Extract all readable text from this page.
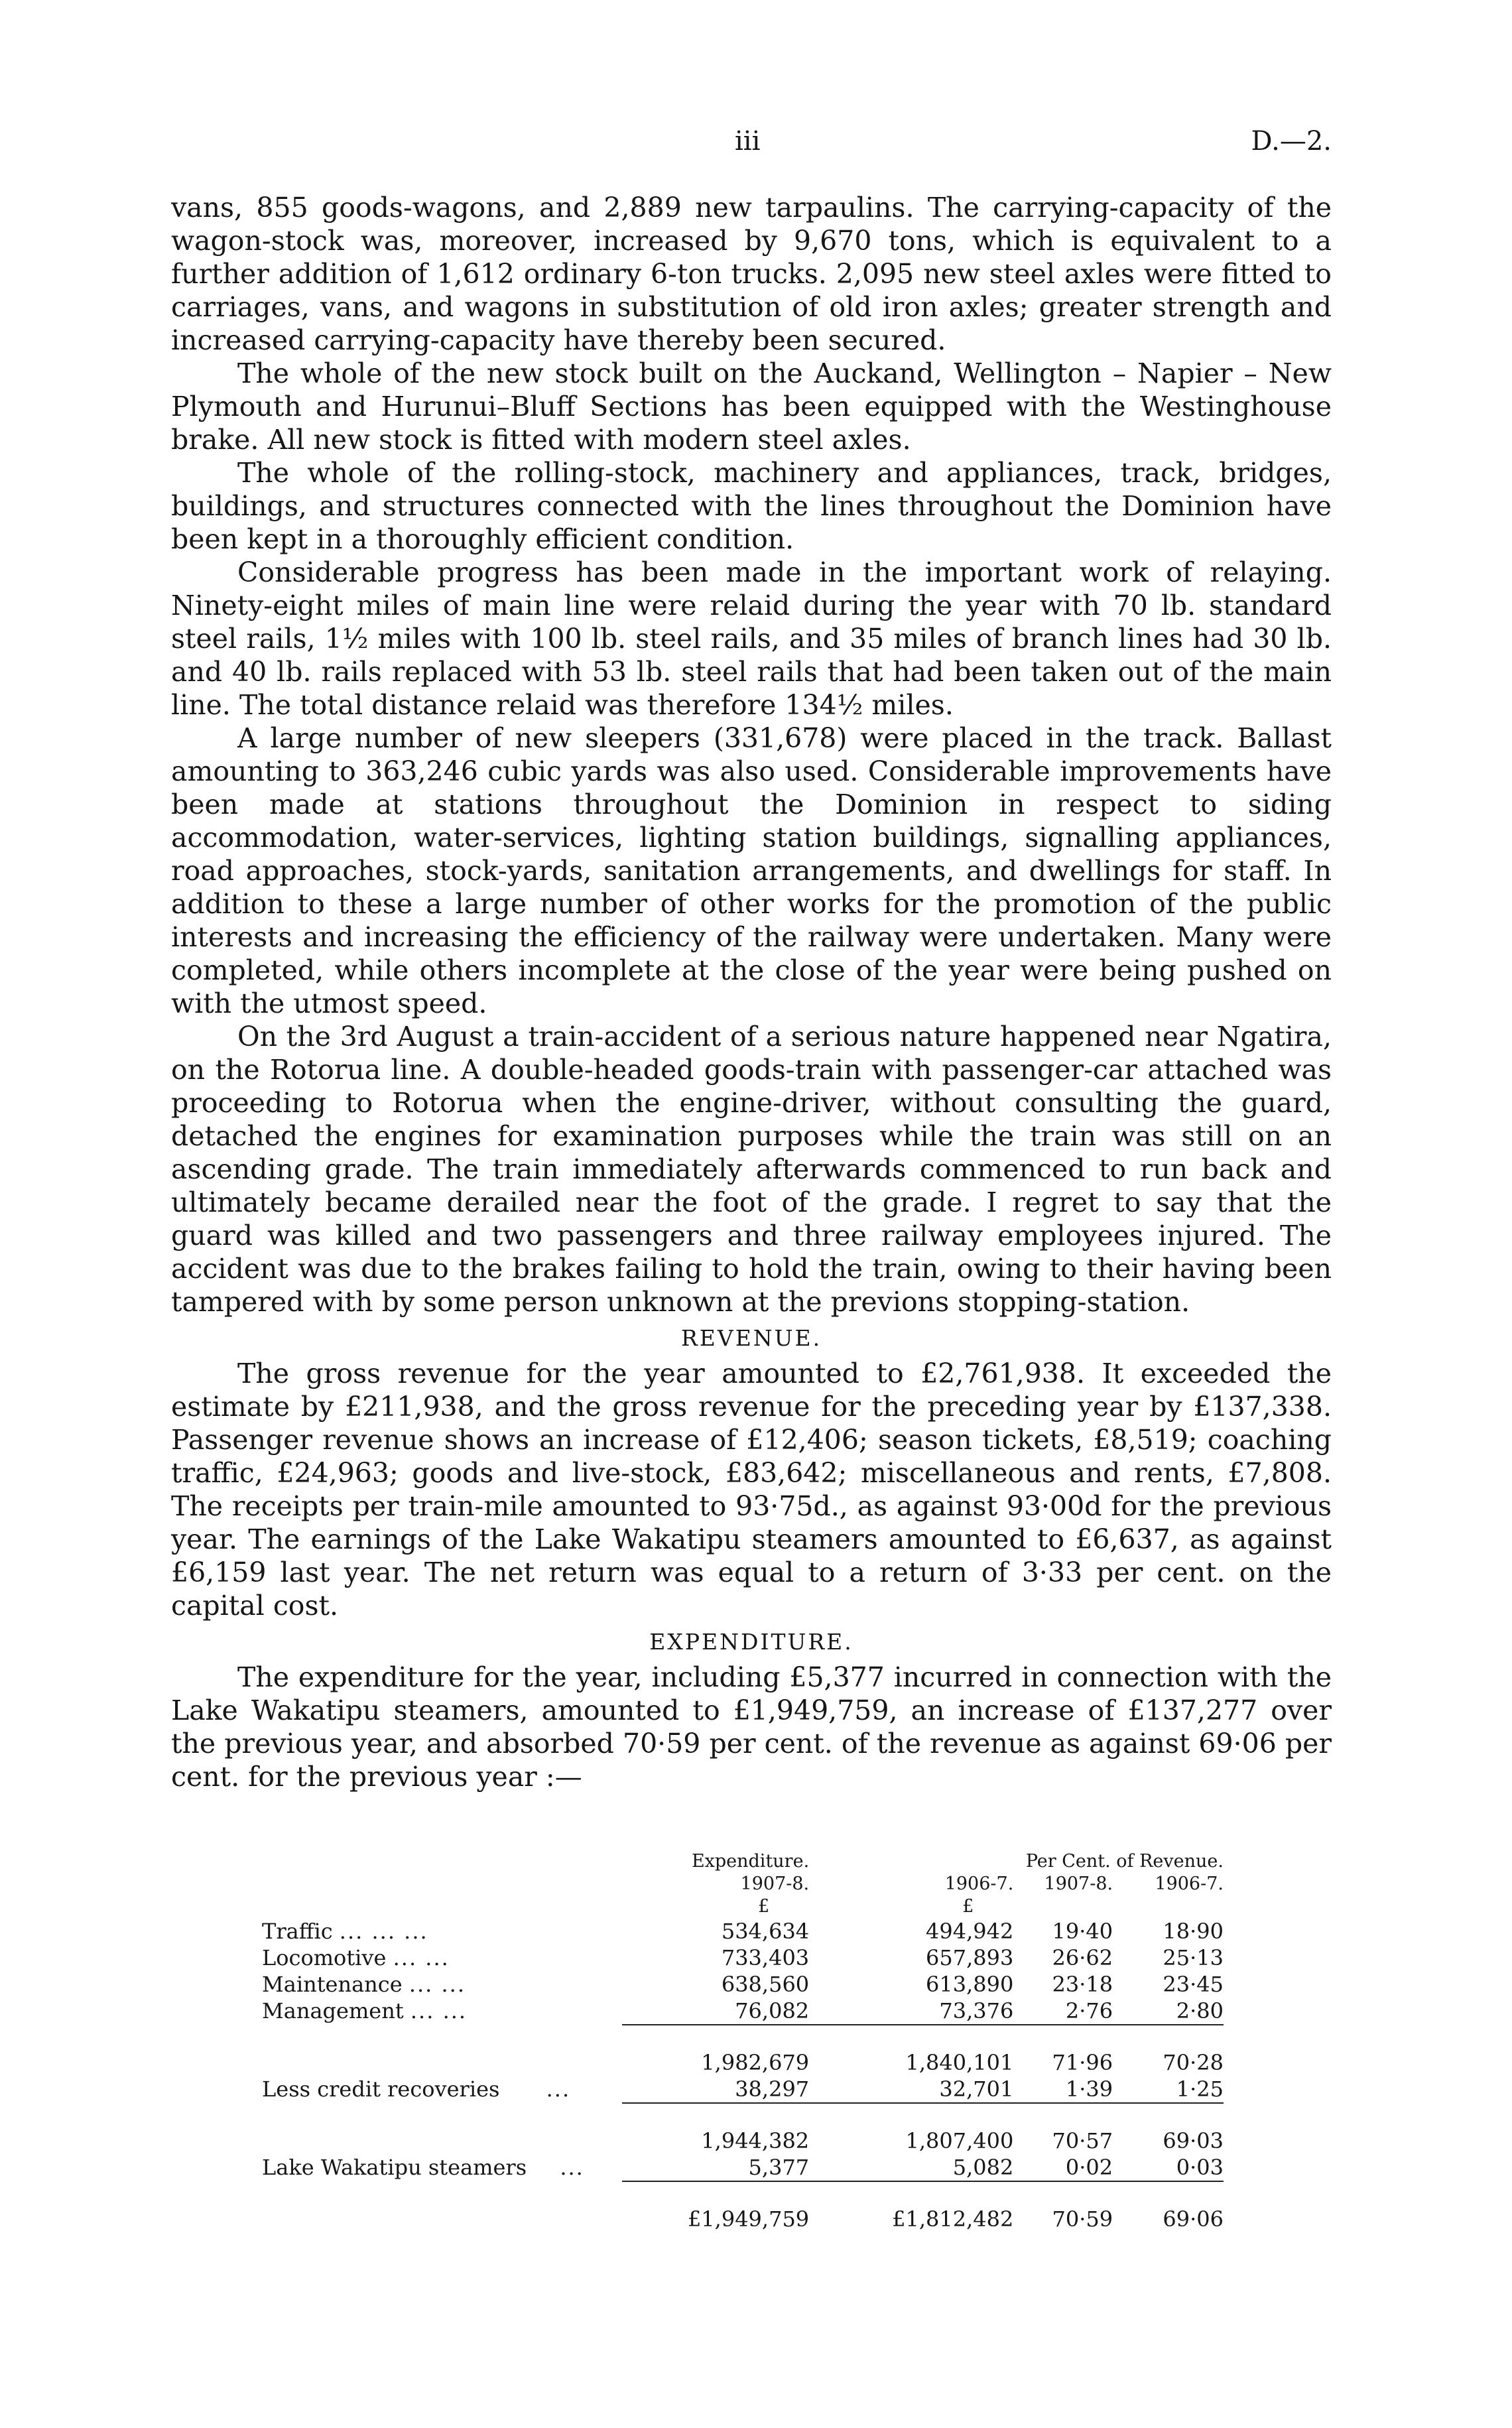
iii	D.—2.

vans, 855 goods-wagons, and 2,889 new tarpaulins. The carrying-capacity of the wagon-stock was, moreover, increased by 9,670 tons, which is equivalent to a further addition of 1,612 ordinary 6-ton trucks. 2,095 new steel axles were fitted to carriages, vans, and wagons in substitution of old iron axles; greater strength and increased carrying-capacity have thereby been secured.

The whole of the new stock built on the Auckand, Wellington – Napier – New Plymouth and Hurunui–Bluff Sections has been equipped with the Westinghouse brake. All new stock is fitted with modern steel axles.

The whole of the rolling-stock, machinery and appliances, track, bridges, buildings, and structures connected with the lines throughout the Dominion have been kept in a thoroughly efficient condition.

Considerable progress has been made in the important work of relaying. Ninety-eight miles of main line were relaid during the year with 70 lb. standard steel rails, 1½ miles with 100 lb. steel rails, and 35 miles of branch lines had 30 lb. and 40 lb. rails replaced with 53 lb. steel rails that had been taken out of the main line. The total distance relaid was therefore 134½ miles.

A large number of new sleepers (331,678) were placed in the track. Ballast amounting to 363,246 cubic yards was also used. Considerable improvements have been made at stations throughout the Dominion in respect to siding accommodation, water-services, lighting station buildings, signalling appliances, road approaches, stock-yards, sanitation arrangements, and dwellings for staff. In addition to these a large number of other works for the promotion of the public interests and increasing the efficiency of the railway were undertaken. Many were completed, while others incomplete at the close of the year were being pushed on with the utmost speed.

On the 3rd August a train-accident of a serious nature happened near Ngatira, on the Rotorua line. A double-headed goods-train with passenger-car attached was proceeding to Rotorua when the engine-driver, without consulting the guard, detached the engines for examination purposes while the train was still on an ascending grade. The train immediately afterwards commenced to run back and ultimately became derailed near the foot of the grade. I regret to say that the guard was killed and two passengers and three railway employees injured. The accident was due to the brakes failing to hold the train, owing to their having been tampered with by some person unknown at the previons stopping-station.

REVENUE.

The gross revenue for the year amounted to £2,761,938. It exceeded the estimate by £211,938, and the gross revenue for the preceding year by £137,338. Passenger revenue shows an increase of £12,406; season tickets, £8,519; coaching traffic, £24,963; goods and live-stock, £83,642; miscellaneous and rents, £7,808. The receipts per train-mile amounted to 93·75d., as against 93·00d for the previous year. The earnings of the Lake Wakatipu steamers amounted to £6,637, as against £6,159 last year. The net return was equal to a return of 3·33 per cent. on the capital cost.

EXPENDITURE.

The expenditure for the year, including £5,377 incurred in connection with the Lake Wakatipu steamers, amounted to £1,949,759, an increase of £137,277 over the previous year, and absorbed 70·59 per cent. of the revenue as against 69·06 per cent. for the previous year :—

	Expenditure.		Per Cent. of Revenue.	
	1907-8.	1906-7.	1907-8.	1906-7.
	£	£		
Traffic ... ... ...	534,634	494,942	19·40	18·90
Locomotive ... ...	733,403	657,893	26·62	25·13
Maintenance ... ...	638,560	613,890	23·18	23·45
Management ... ...	76,082	73,376	2·76	2·80

	1,982,679	1,840,101	71·96	70·28
Less credit recoveries ...	38,297	32,701	1·39	1·25

	1,944,382	1,807,400	70·57	69·03
Lake Wakatipu steamers ...	5,377	5,082	0·02	0·03

	£1,949,759	£1,812,482	70·59	69·06
